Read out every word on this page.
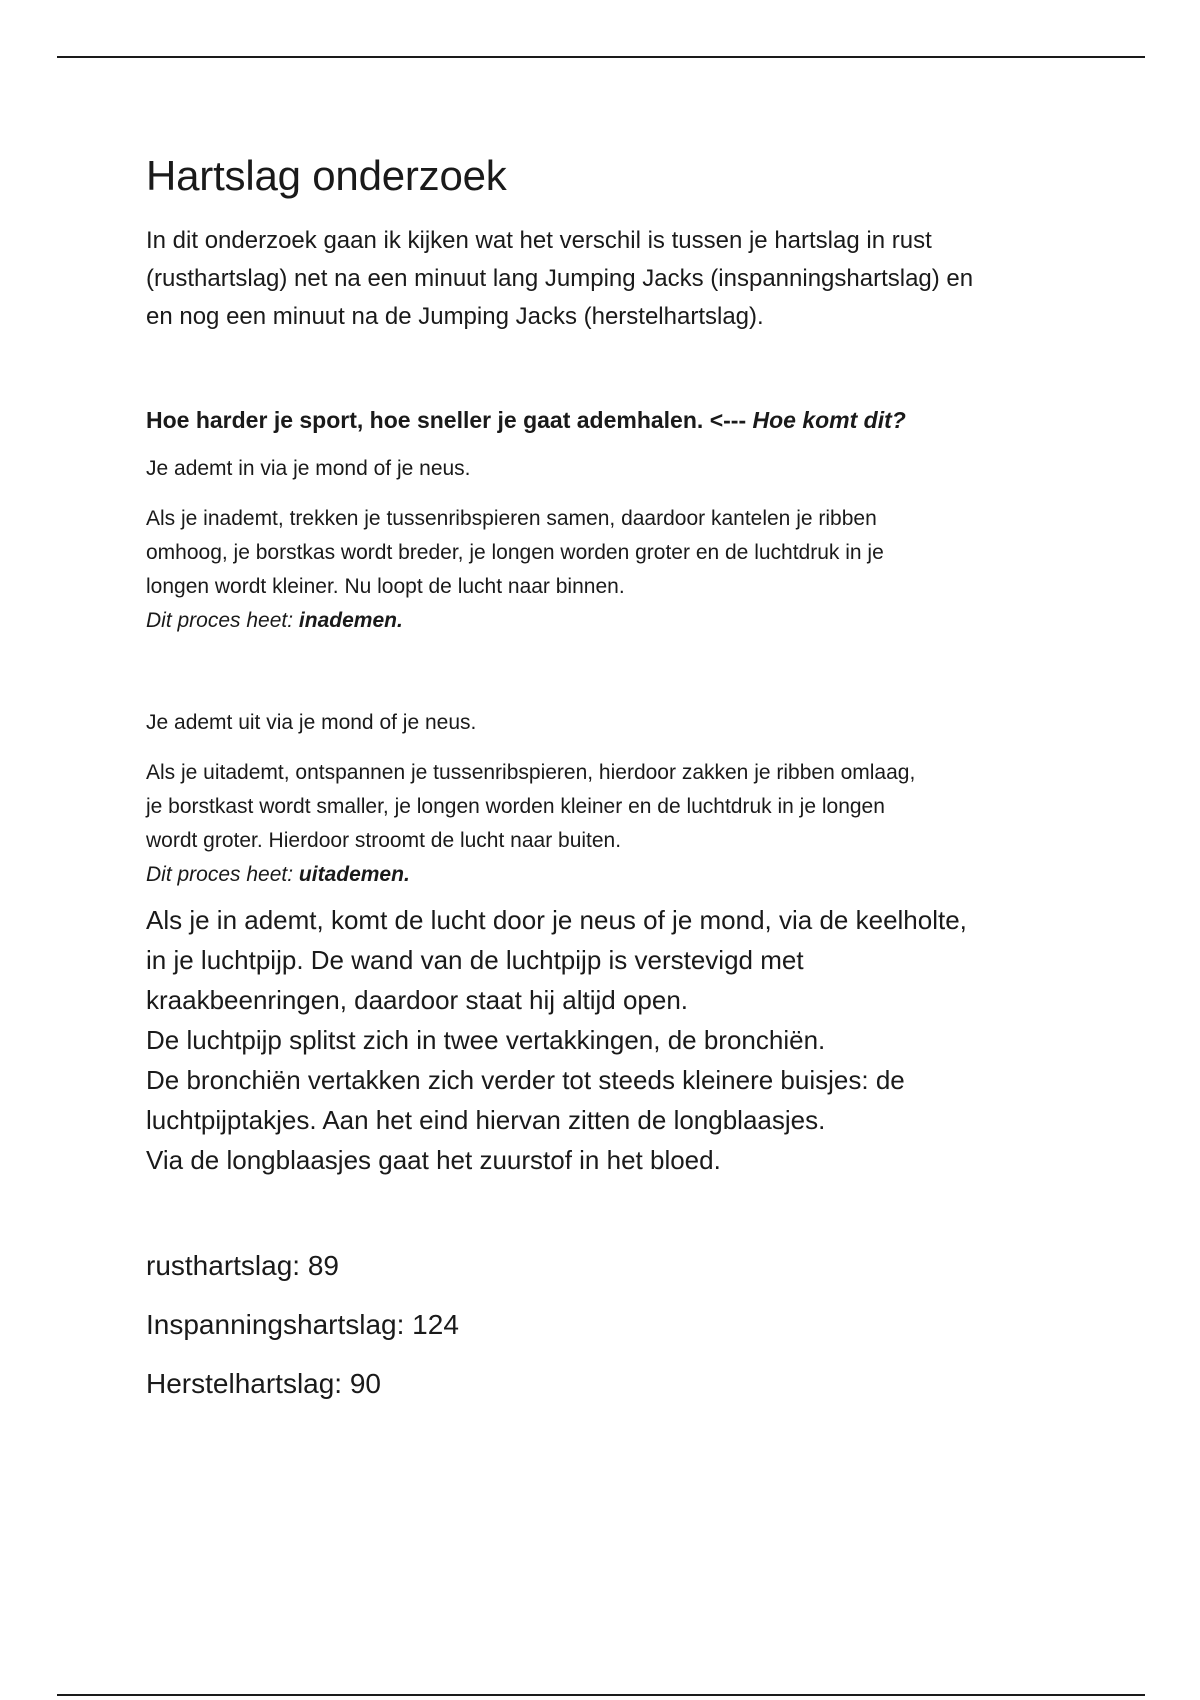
Hartslag onderzoek

In dit onderzoek gaan ik kijken wat het verschil is tussen je hartslag in rust
(rusthartslag) net na een minuut lang Jumping Jacks (inspanningshartslag) en
en nog een minuut na de Jumping Jacks (herstelhartslag).

Hoe harder je sport, hoe sneller je gaat ademhalen. <--- Hoe komt dit?

Je ademt in via je mond of je neus.

Als je inademt, trekken je tussenribspieren samen, daardoor kantelen je ribben
omhoog, je borstkas wordt breder, je longen worden groter en de luchtdruk in je
longen wordt kleiner. Nu loopt de lucht naar binnen.

Dit proces heet: inademen.

Je ademt uit via je mond of je neus.

Als je uitademt, ontspannen je tussenribspieren, hierdoor zakken je ribben omlaag,
je borstkast wordt smaller, je longen worden kleiner en de luchtdruk in je longen
wordt groter. Hierdoor stroomt de lucht naar buiten.

Dit proces heet: uitademen.

Als je in ademt, komt de lucht door je neus of je mond, via de keelholte,
in je luchtpijp. De wand van de luchtpijp is verstevigd met
kraakbeenringen, daardoor staat hij altijd open.
De luchtpijp splitst zich in twee vertakkingen, de bronchiën.
De bronchiën vertakken zich verder tot steeds kleinere buisjes: de
luchtpijptakjes. Aan het eind hiervan zitten de longblaasjes.
Via de longblaasjes gaat het zuurstof in het bloed.

rusthartslag: 89

Inspanningshartslag: 124

Herstelhartslag: 90
